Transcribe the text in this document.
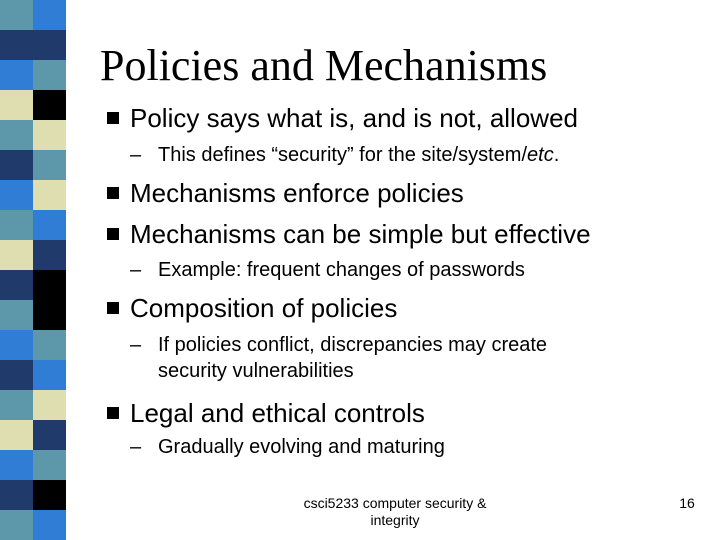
Policies and Mechanisms
Policy says what is, and is not, allowed
– This defines “security” for the site/system/etc.
Mechanisms enforce policies
Mechanisms can be simple but effective
– Example: frequent changes of passwords
Composition of policies
– If policies conflict, discrepancies may create
security vulnerabilities
Legal and ethical controls
– Gradually evolving and maturing
csci5233 computer security &
integrity
16
